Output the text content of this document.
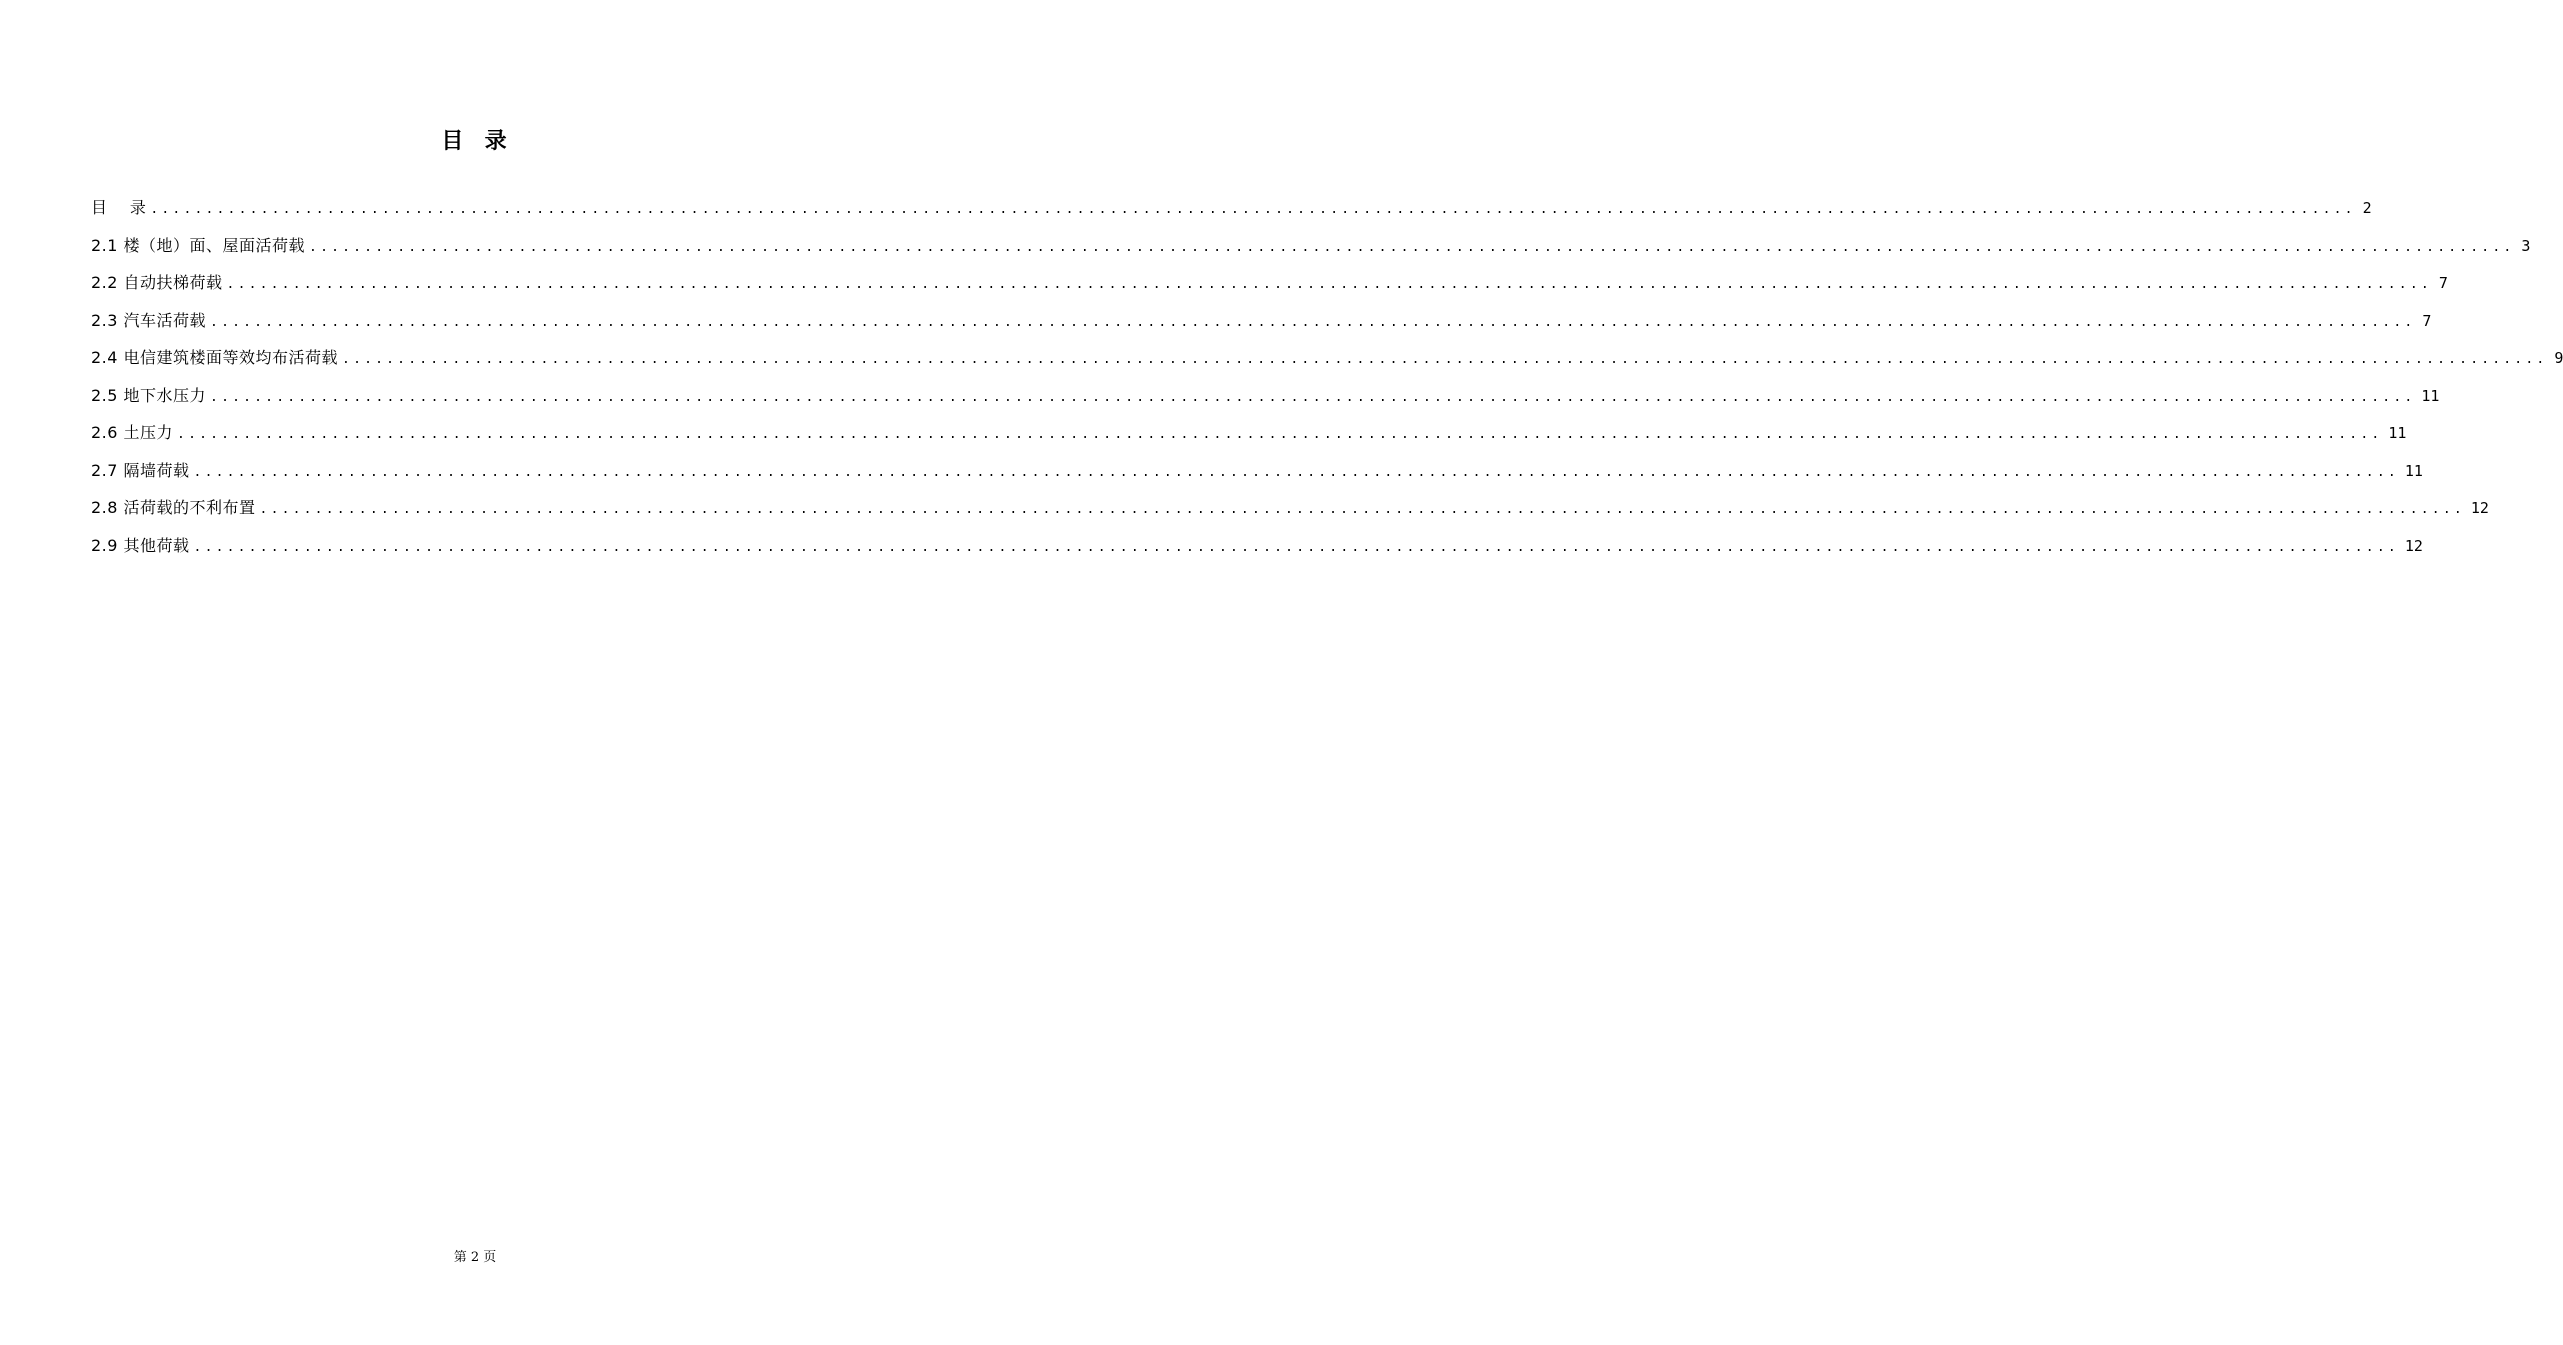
目  录
目    录 ........................................................................................................................................................................................................ 2
2.1 楼（地）面、屋面活荷载 ........................................................................................................................................................................................................ 3
2.2 自动扶梯荷载 ........................................................................................................................................................................................................ 7
2.3 汽车活荷载 ........................................................................................................................................................................................................ 7
2.4 电信建筑楼面等效均布活荷载 ........................................................................................................................................................................................................ 9
2.5 地下水压力 ........................................................................................................................................................................................................ 11
2.6 土压力 ........................................................................................................................................................................................................ 11
2.7 隔墙荷载 ........................................................................................................................................................................................................ 11
2.8 活荷载的不利布置 ........................................................................................................................................................................................................ 12
2.9 其他荷载 ........................................................................................................................................................................................................ 12
第 2 页
